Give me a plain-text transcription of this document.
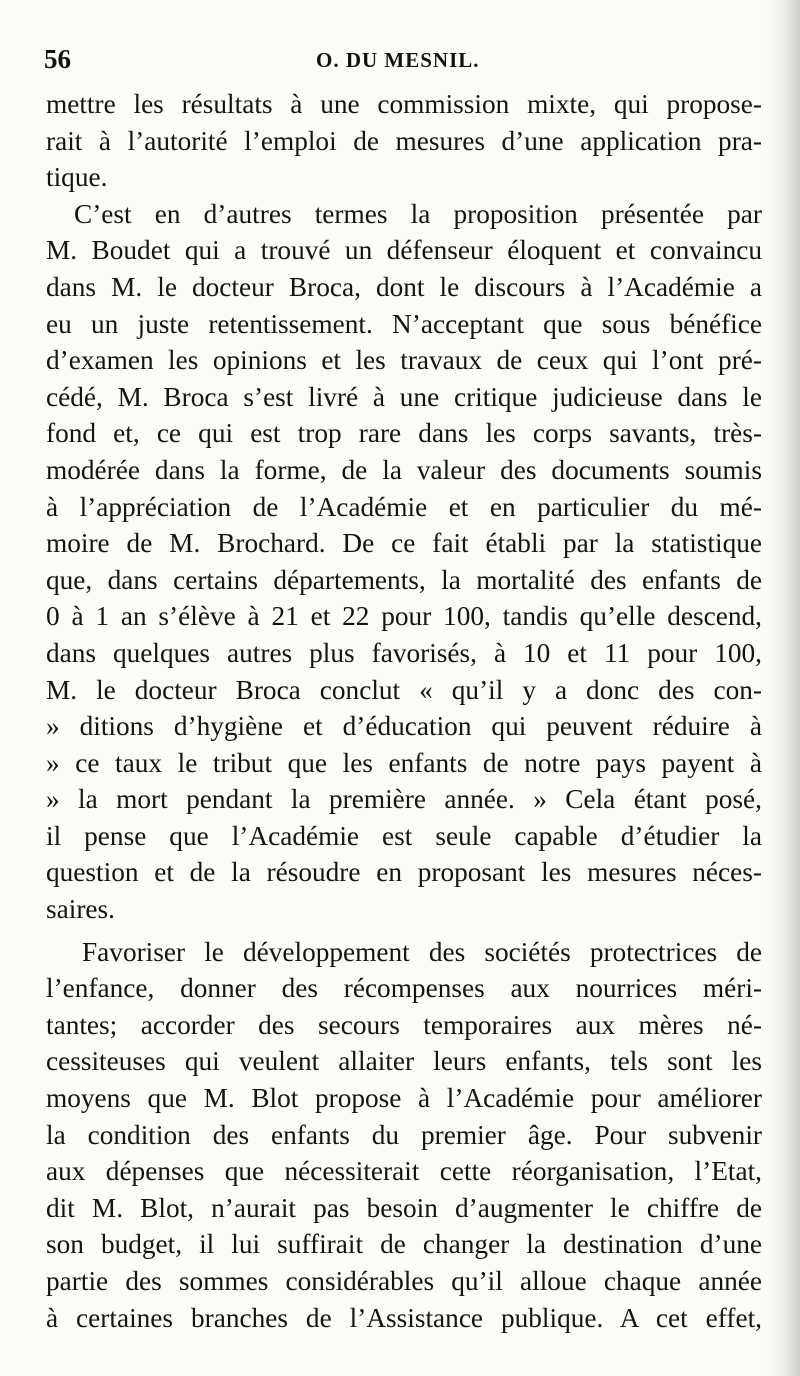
56	O. DU MESNIL.
mettre les résultats à une commission mixte, qui propose-
rait à l’autorité l’emploi de mesures d’une application pra-
tique.
C’est en d’autres termes la proposition présentée par
M. Boudet qui a trouvé un défenseur éloquent et convaincu
dans M. le docteur Broca, dont le discours à l’Académie a
eu un juste retentissement. N’acceptant que sous bénéfice
d’examen les opinions et les travaux de ceux qui l’ont pré-
cédé, M. Broca s’est livré à une critique judicieuse dans le
fond et, ce qui est trop rare dans les corps savants, très-
modérée dans la forme, de la valeur des documents soumis
à l’appréciation de l’Académie et en particulier du mé-
moire de M. Brochard. De ce fait établi par la statistique
que, dans certains départements, la mortalité des enfants de
0 à 1 an s’élève à 21 et 22 pour 100, tandis qu’elle descend,
dans quelques autres plus favorisés, à 10 et 11 pour 100,
M. le docteur Broca conclut « qu’il y a donc des con-
» ditions d’hygiène et d’éducation qui peuvent réduire à
» ce taux le tribut que les enfants de notre pays payent à
» la mort pendant la première année. » Cela étant posé,
il pense que l’Académie est seule capable d’étudier la
question et de la résoudre en proposant les mesures néces-
saires.
Favoriser le développement des sociétés protectrices de
l’enfance, donner des récompenses aux nourrices méri-
tantes; accorder des secours temporaires aux mères né-
cessiteuses qui veulent allaiter leurs enfants, tels sont les
moyens que M. Blot propose à l’Académie pour améliorer
la condition des enfants du premier âge. Pour subvenir
aux dépenses que nécessiterait cette réorganisation, l’Etat,
dit M. Blot, n’aurait pas besoin d’augmenter le chiffre de
son budget, il lui suffirait de changer la destination d’une
partie des sommes considérables qu’il alloue chaque année
à certaines branches de l’Assistance publique. A cet effet,
